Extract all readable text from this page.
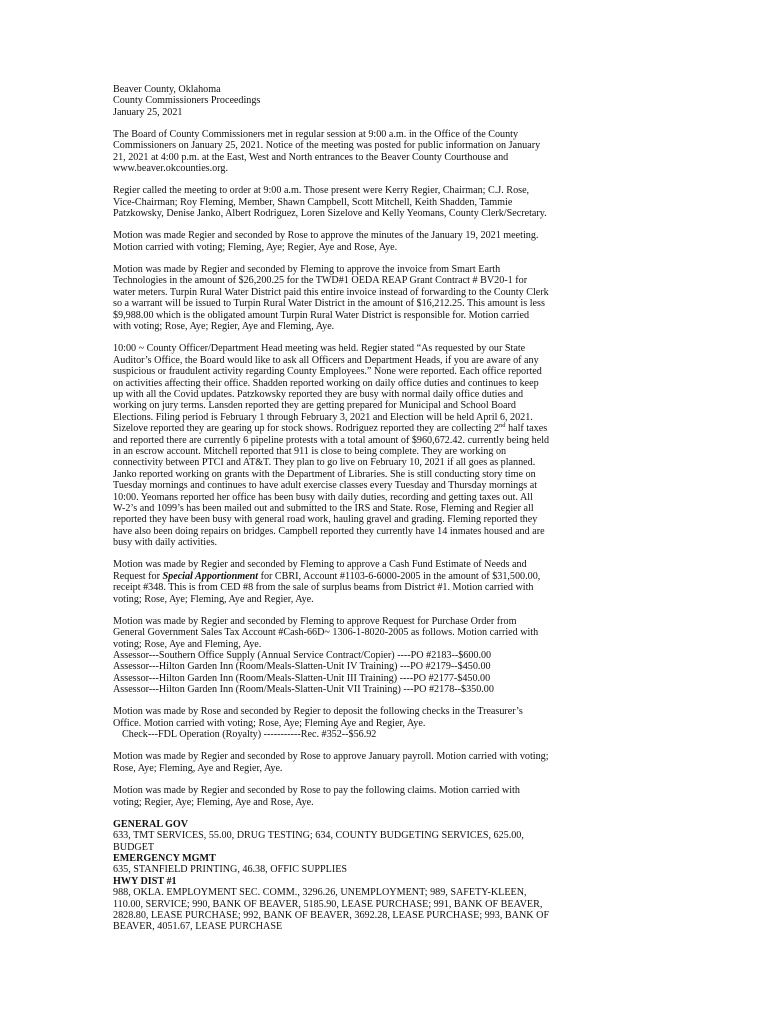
Beaver County, Oklahoma
County Commissioners Proceedings
January 25, 2021
The Board of County Commissioners met in regular session at 9:00 a.m. in the Office of the County
Commissioners on January 25, 2021. Notice of the meeting was posted for public information on January
21, 2021 at 4:00 p.m. at the East, West and North entrances to the Beaver County Courthouse and
www.beaver.okcounties.org.
Regier called the meeting to order at 9:00 a.m. Those present were Kerry Regier, Chairman; C.J. Rose,
Vice-Chairman; Roy Fleming, Member, Shawn Campbell, Scott Mitchell, Keith Shadden, Tammie
Patzkowsky, Denise Janko, Albert Rodriguez, Loren Sizelove and Kelly Yeomans, County Clerk/Secretary.
Motion was made Regier and seconded by Rose to approve the minutes of the January 19, 2021 meeting.
Motion carried with voting; Fleming, Aye; Regier, Aye and Rose, Aye.
Motion was made by Regier and seconded by Fleming to approve the invoice from Smart Earth
Technologies in the amount of $26,200.25 for the TWD#1 OEDA REAP Grant Contract # BV20-1 for
water meters. Turpin Rural Water District paid this entire invoice instead of forwarding to the County Clerk
so a warrant will be issued to Turpin Rural Water District in the amount of $16,212.25. This amount is less
$9,988.00 which is the obligated amount Turpin Rural Water District is responsible for. Motion carried
with voting; Rose, Aye; Regier, Aye and Fleming, Aye.
10:00 ~ County Officer/Department Head meeting was held. Regier stated “As requested by our State
Auditor’s Office, the Board would like to ask all Officers and Department Heads, if you are aware of any
suspicious or fraudulent activity regarding County Employees.” None were reported. Each office reported
on activities affecting their office. Shadden reported working on daily office duties and continues to keep
up with all the Covid updates. Patzkowsky reported they are busy with normal daily office duties and
working on jury terms. Lansden reported they are getting prepared for Municipal and School Board
Elections. Filing period is February 1 through February 3, 2021 and Election will be held April 6, 2021.
Sizelove reported they are gearing up for stock shows. Rodriguez reported they are collecting 2nd half taxes
and reported there are currently 6 pipeline protests with a total amount of $960,672.42. currently being held
in an escrow account. Mitchell reported that 911 is close to being complete. They are working on
connectivity between PTCI and AT&T. They plan to go live on February 10, 2021 if all goes as planned.
Janko reported working on grants with the Department of Libraries. She is still conducting story time on
Tuesday mornings and continues to have adult exercise classes every Tuesday and Thursday mornings at
10:00. Yeomans reported her office has been busy with daily duties, recording and getting taxes out. All
W-2’s and 1099’s has been mailed out and submitted to the IRS and State. Rose, Fleming and Regier all
reported they have been busy with general road work, hauling gravel and grading. Fleming reported they
have also been doing repairs on bridges. Campbell reported they currently have 14 inmates housed and are
busy with daily activities.
Motion was made by Regier and seconded by Fleming to approve a Cash Fund Estimate of Needs and
Request for Special Apportionment for CBRI, Account #1103-6-6000-2005 in the amount of $31,500.00,
receipt #348. This is from CED #8 from the sale of surplus beams from District #1. Motion carried with
voting; Rose, Aye; Fleming, Aye and Regier, Aye.
Motion was made by Regier and seconded by Fleming to approve Request for Purchase Order from
General Government Sales Tax Account #Cash-66D~ 1306-1-8020-2005 as follows. Motion carried with
voting; Rose, Aye and Fleming, Aye.
Assessor---Southern Office Supply (Annual Service Contract/Copier) ----PO #2183--$600.00
Assessor---Hilton Garden Inn (Room/Meals-Slatten-Unit IV Training) ---PO #2179--$450.00
Assessor---Hilton Garden Inn (Room/Meals-Slatten-Unit III Training) ----PO #2177-$450.00
Assessor---Hilton Garden Inn (Room/Meals-Slatten-Unit VII Training) ---PO #2178--$350.00
Motion was made by Rose and seconded by Regier to deposit the following checks in the Treasurer’s
Office. Motion carried with voting; Rose, Aye; Fleming Aye and Regier, Aye.
Check---FDL Operation (Royalty) -----------Rec. #352--$56.92
Motion was made by Regier and seconded by Rose to approve January payroll. Motion carried with voting;
Rose, Aye; Fleming, Aye and Regier, Aye.
Motion was made by Regier and seconded by Rose to pay the following claims. Motion carried with
voting; Regier, Aye; Fleming, Aye and Rose, Aye.
GENERAL GOV
633, TMT SERVICES, 55.00, DRUG TESTING; 634, COUNTY BUDGETING SERVICES, 625.00,
BUDGET
EMERGENCY MGMT
635, STANFIELD PRINTING, 46.38, OFFIC SUPPLIES
HWY DIST #1
988, OKLA. EMPLOYMENT SEC. COMM., 3296.26, UNEMPLOYMENT; 989, SAFETY-KLEEN,
110.00, SERVICE; 990, BANK OF BEAVER, 5185.90, LEASE PURCHASE; 991, BANK OF BEAVER,
2828.80, LEASE PURCHASE; 992, BANK OF BEAVER, 3692.28, LEASE PURCHASE; 993, BANK OF
BEAVER, 4051.67, LEASE PURCHASE
